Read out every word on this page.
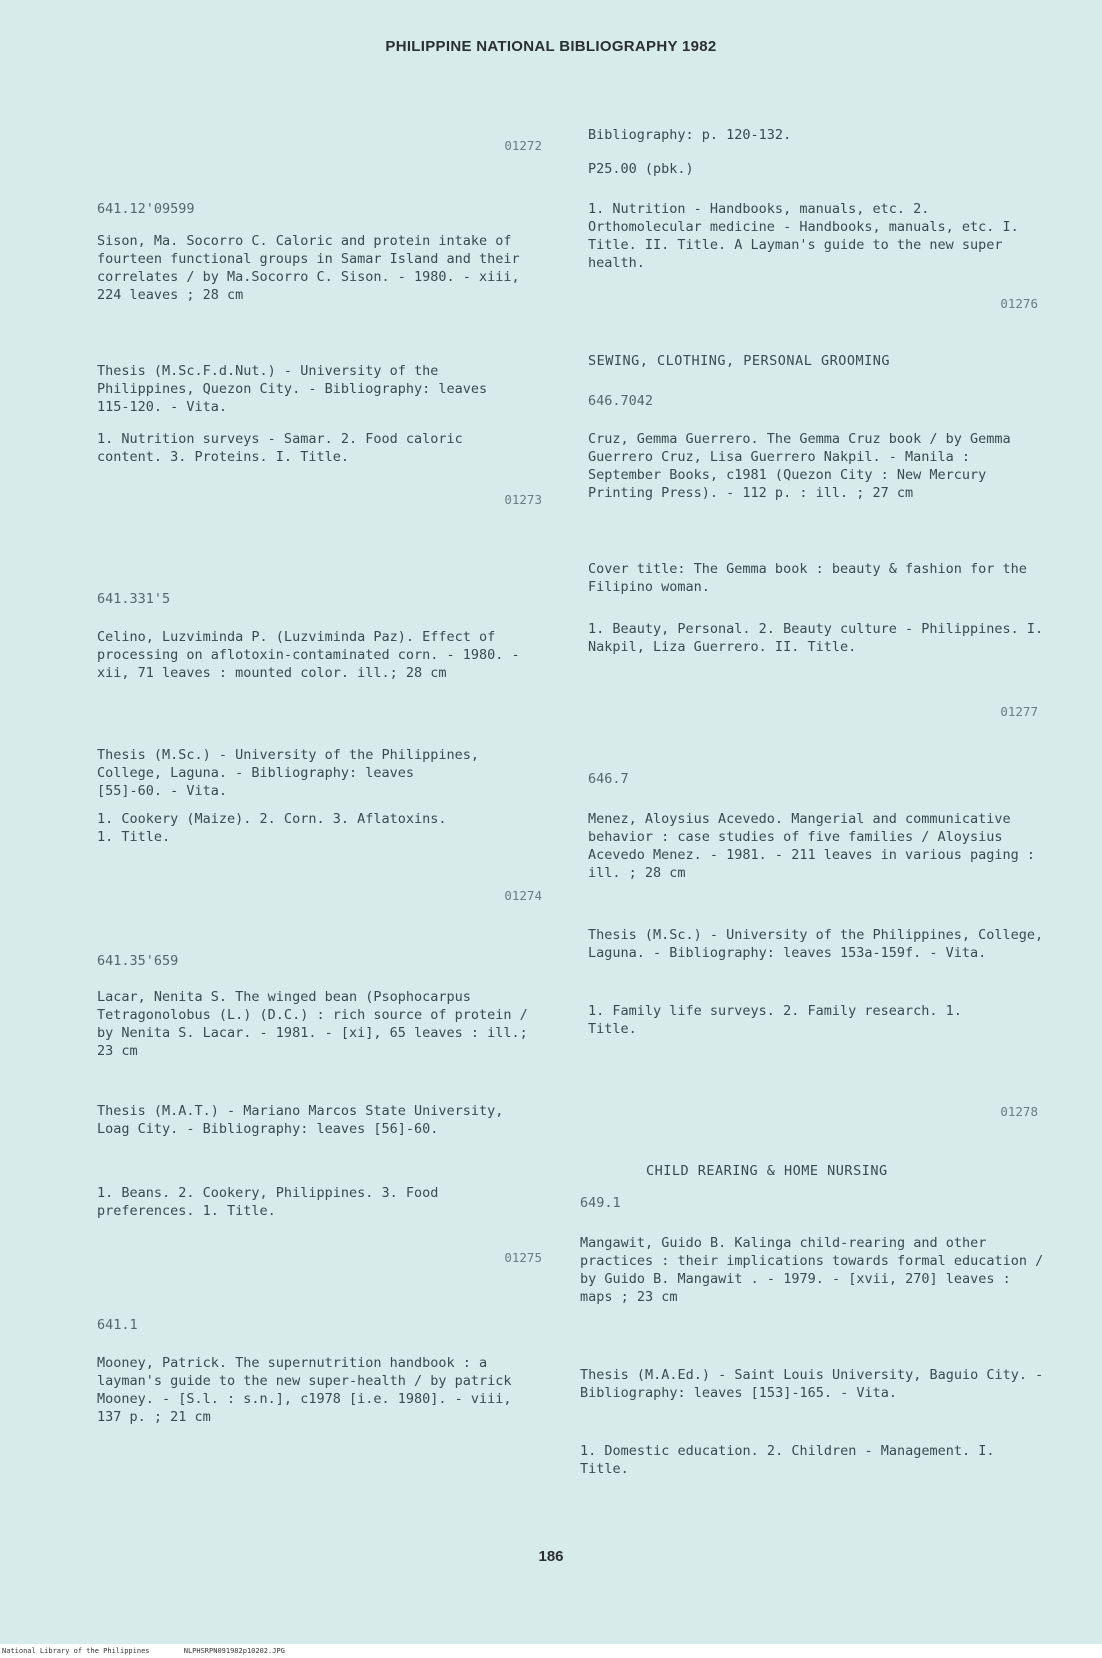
PHILIPPINE NATIONAL BIBLIOGRAPHY 1982
01272
641.12'09599
Sison, Ma. Socorro C. Caloric and protein intake of fourteen functional groups in Samar Island and their correlates / by Ma.Socorro C. Sison. - 1980. - xiii, 224 leaves ; 28 cm
Thesis (M.Sc.F.d.Nut.) - University of the Philippines, Quezon City. - Bibliography: leaves 115-120. - Vita.
1. Nutrition surveys - Samar. 2. Food caloric content. 3. Proteins. I. Title.
01273
641.331'5
Celino, Luzviminda P. (Luzviminda Paz). Effect of processing on aflotoxin-contaminated corn. - 1980. - xii, 71 leaves : mounted color. ill.; 28 cm
Thesis (M.Sc.) - University of the Philippines, College, Laguna. - Bibliography: leaves [55]-60. - Vita.
1. Cookery (Maize). 2. Corn. 3. Aflatoxins. 1. Title.
01274
641.35'659
Lacar, Nenita S. The winged bean (Psophocarpus Tetragonolobus (L.) (D.C.) : rich source of protein / by Nenita S. Lacar. - 1981. - [xi], 65 leaves : ill.; 23 cm
Thesis (M.A.T.) - Mariano Marcos State University, Loag City. - Bibliography: leaves [56]-60.
1. Beans. 2. Cookery, Philippines. 3. Food preferences. 1. Title.
01275
641.1
Mooney, Patrick. The supernutrition handbook : a layman's guide to the new super-health / by patrick Mooney. - [S.l. : s.n.], c1978 [i.e. 1980]. - viii, 137 p. ; 21 cm
Bibliography: p. 120-132.
P25.00 (pbk.)
1. Nutrition - Handbooks, manuals, etc. 2. Orthomolecular medicine - Handbooks, manuals, etc. I. Title. II. Title. A Layman's guide to the new super health.
01276
SEWING, CLOTHING, PERSONAL GROOMING
646.7042
Cruz, Gemma Guerrero. The Gemma Cruz book / by Gemma Guerrero Cruz, Lisa Guerrero Nakpil. - Manila : September Books, c1981 (Quezon City : New Mercury Printing Press). - 112 p. : ill. ; 27 cm
Cover title: The Gemma book : beauty & fashion for the Filipino woman.
1. Beauty, Personal. 2. Beauty culture - Philippines. I. Nakpil, Liza Guerrero. II. Title.
01277
646.7
Menez, Aloysius Acevedo. Mangerial and communicative behavior : case studies of five families / Aloysius Acevedo Menez. - 1981. - 211 leaves in various paging : ill. ; 28 cm
Thesis (M.Sc.) - University of the Philippines, College, Laguna. - Bibliography: leaves 153a-159f. - Vita.
1. Family life surveys. 2. Family research. 1. Title.
01278
CHILD REARING & HOME NURSING
649.1
Mangawit, Guido B. Kalinga child-rearing and other practices : their implications towards formal education / by Guido B. Mangawit . - 1979. - [xvii, 270] leaves : maps ; 23 cm
Thesis (M.A.Ed.) - Saint Louis University, Baguio City. - Bibliography: leaves [153]-165. - Vita.
1. Domestic education. 2. Children - Management. I. Title.
186
National Library of the Philippines	NLPHSRPN091982p10202.JPG
